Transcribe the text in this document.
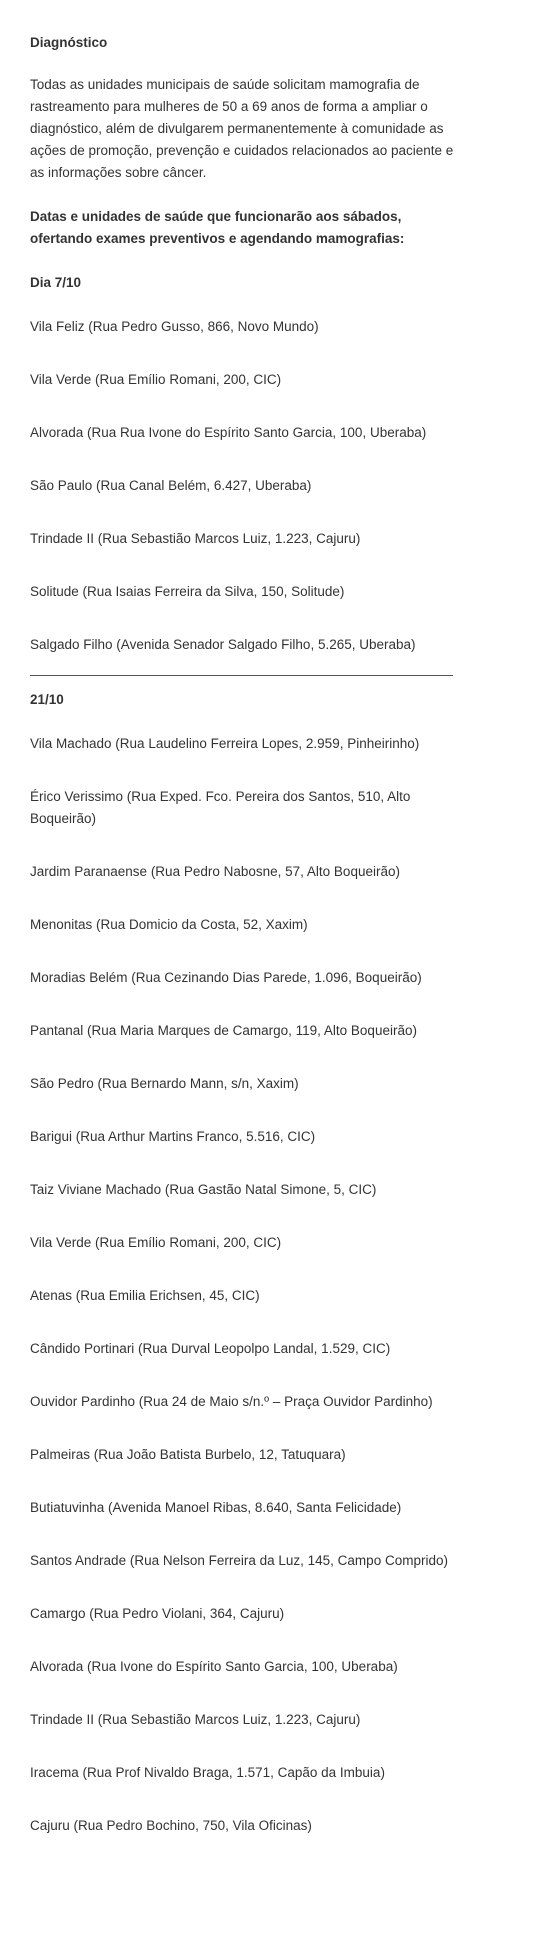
Diagnóstico

Todas as unidades municipais de saúde solicitam mamografia de rastreamento para mulheres de 50 a 69 anos de forma a ampliar o diagnóstico, além de divulgarem permanentemente à comunidade as ações de promoção, prevenção e cuidados relacionados ao paciente e as informações sobre câncer.

Datas e unidades de saúde que funcionarão aos sábados, ofertando exames preventivos e agendando mamografias:

Dia 7/10

Vila Feliz (Rua Pedro Gusso, 866, Novo Mundo)

Vila Verde (Rua Emílio Romani, 200, CIC)

Alvorada (Rua Rua Ivone do Espírito Santo Garcia, 100, Uberaba)

São Paulo (Rua Canal Belém, 6.427, Uberaba)

Trindade II (Rua Sebastião Marcos Luiz, 1.223, Cajuru)

Solitude (Rua Isaias Ferreira da Silva, 150, Solitude)

Salgado Filho (Avenida Senador Salgado Filho, 5.265, Uberaba)

21/10

Vila Machado (Rua Laudelino Ferreira Lopes, 2.959, Pinheirinho)

Érico Verissimo (Rua Exped. Fco. Pereira dos Santos, 510, Alto Boqueirão)

Jardim Paranaense (Rua Pedro Nabosne, 57, Alto Boqueirão)

Menonitas (Rua Domicio da Costa, 52, Xaxim)

Moradias Belém (Rua Cezinando Dias Parede, 1.096, Boqueirão)

Pantanal (Rua Maria Marques de Camargo, 119, Alto Boqueirão)

São Pedro (Rua Bernardo Mann, s/n, Xaxim)

Barigui (Rua Arthur Martins Franco, 5.516, CIC)

Taiz Viviane Machado (Rua Gastão Natal Simone, 5, CIC)

Vila Verde (Rua Emílio Romani, 200, CIC)

Atenas (Rua Emilia Erichsen, 45, CIC)

Cândido Portinari (Rua Durval Leopolpo Landal, 1.529, CIC)

Ouvidor Pardinho (Rua 24 de Maio s/n.º – Praça Ouvidor Pardinho)

Palmeiras (Rua João Batista Burbelo, 12, Tatuquara)

Butiatuvinha (Avenida Manoel Ribas, 8.640, Santa Felicidade)

Santos Andrade (Rua Nelson Ferreira da Luz, 145, Campo Comprido)

Camargo (Rua Pedro Violani, 364, Cajuru)

Alvorada (Rua Ivone do Espírito Santo Garcia, 100, Uberaba)

Trindade II (Rua Sebastião Marcos Luiz, 1.223, Cajuru)

Iracema (Rua Prof Nivaldo Braga, 1.571, Capão da Imbuia)

Cajuru (Rua Pedro Bochino, 750, Vila Oficinas)
